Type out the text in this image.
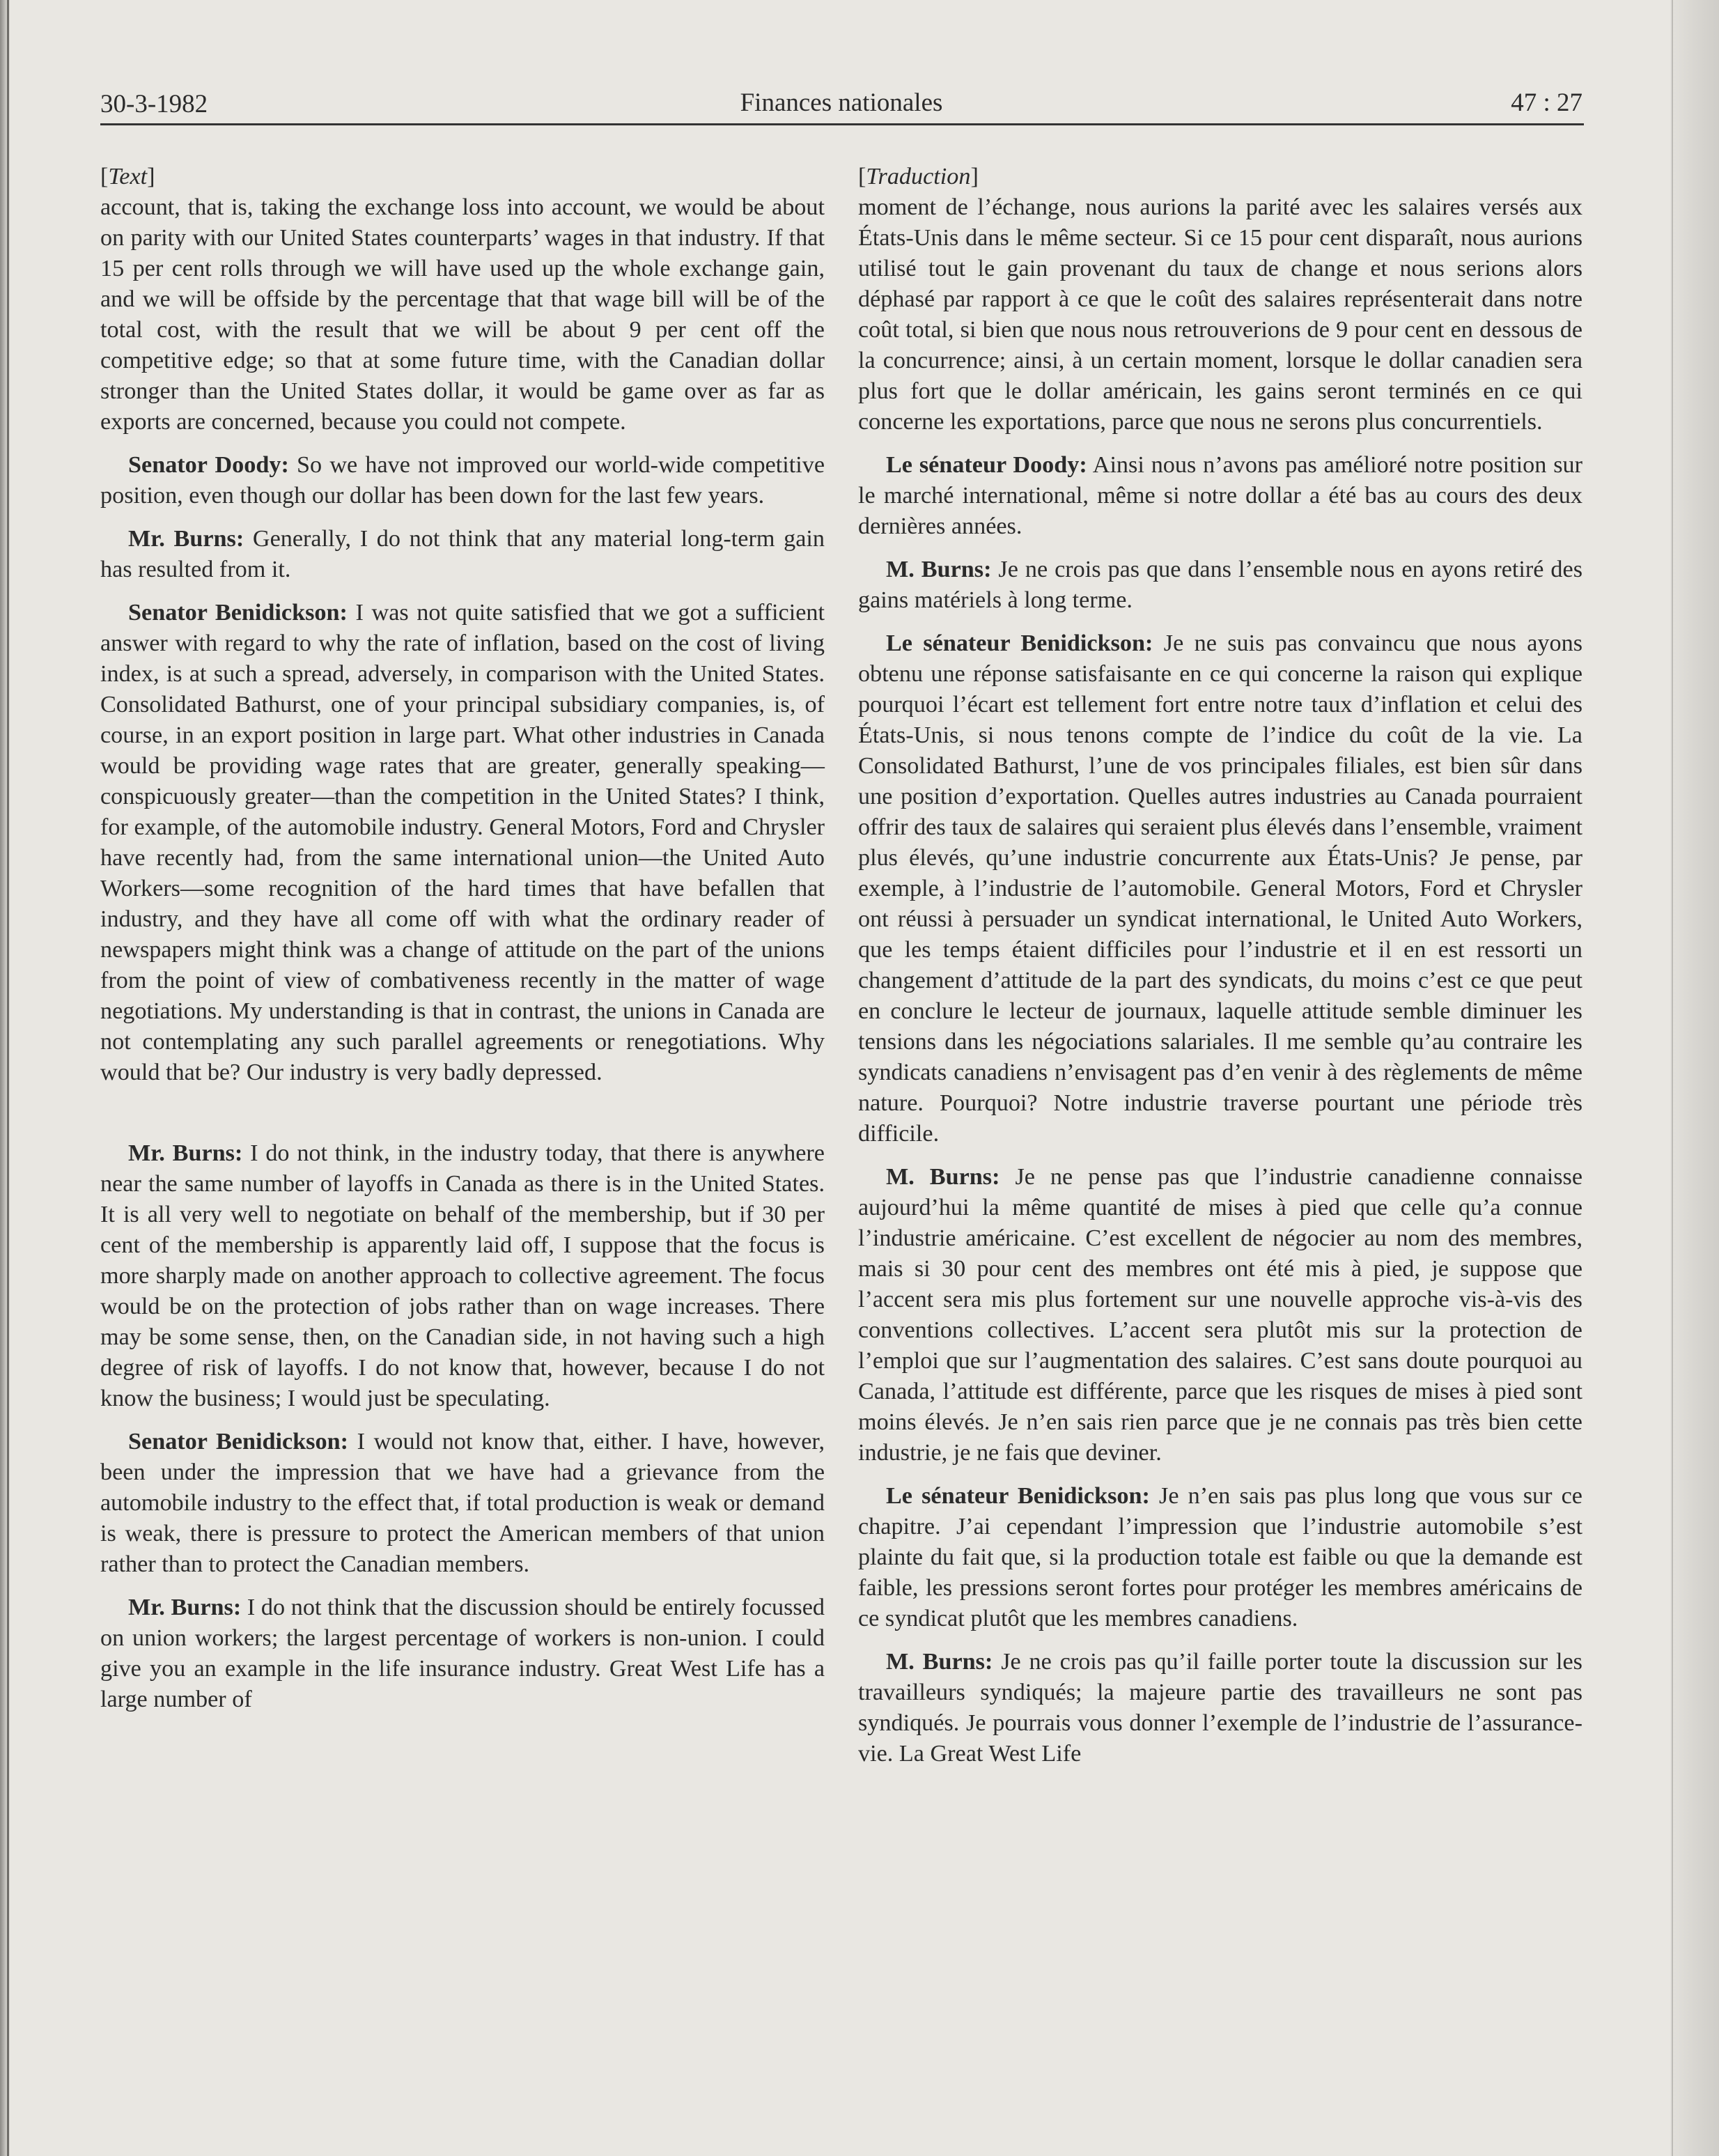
30-3-1982	Finances nationales	47 : 27
[Text]

account, that is, taking the exchange loss into account, we would be about on parity with our United States counterparts’ wages in that industry. If that 15 per cent rolls through we will have used up the whole exchange gain, and we will be offside by the percentage that that wage bill will be of the total cost, with the result that we will be about 9 per cent off the competitive edge; so that at some future time, with the Canadian dollar stronger than the United States dollar, it would be game over as far as exports are concerned, because you could not compete.

Senator Doody: So we have not improved our world-wide competitive position, even though our dollar has been down for the last few years.

Mr. Burns: Generally, I do not think that any material long-term gain has resulted from it.

Senator Benidickson: I was not quite satisfied that we got a sufficient answer with regard to why the rate of inflation, based on the cost of living index, is at such a spread, adversely, in comparison with the United States. Consolidated Bathurst, one of your principal subsidiary companies, is, of course, in an export position in large part. What other industries in Canada would be providing wage rates that are greater, generally speaking—conspicuously greater—than the competition in the United States? I think, for example, of the automobile industry. General Motors, Ford and Chrysler have recently had, from the same international union—the United Auto Workers—some recognition of the hard times that have befallen that industry, and they have all come off with what the ordinary reader of newspapers might think was a change of attitude on the part of the unions from the point of view of combativeness recently in the matter of wage negotiations. My understanding is that in contrast, the unions in Canada are not contemplating any such parallel agreements or renegotiations. Why would that be? Our industry is very badly depressed.

Mr. Burns: I do not think, in the industry today, that there is anywhere near the same number of layoffs in Canada as there is in the United States. It is all very well to negotiate on behalf of the membership, but if 30 per cent of the membership is apparently laid off, I suppose that the focus is more sharply made on another approach to collective agreement. The focus would be on the protection of jobs rather than on wage increases. There may be some sense, then, on the Canadian side, in not having such a high degree of risk of layoffs. I do not know that, however, because I do not know the business; I would just be speculating.

Senator Benidickson: I would not know that, either. I have, however, been under the impression that we have had a grievance from the automobile industry to the effect that, if total production is weak or demand is weak, there is pressure to protect the American members of that union rather than to protect the Canadian members.

Mr. Burns: I do not think that the discussion should be entirely focussed on union workers; the largest percentage of workers is non-union. I could give you an example in the life insurance industry. Great West Life has a large number of

[Traduction]

moment de l’échange, nous aurions la parité avec les salaires versés aux États-Unis dans le même secteur. Si ce 15 pour cent disparaît, nous aurions utilisé tout le gain provenant du taux de change et nous serions alors déphasé par rapport à ce que le coût des salaires représenterait dans notre coût total, si bien que nous nous retrouverions de 9 pour cent en dessous de la concurrence; ainsi, à un certain moment, lorsque le dollar canadien sera plus fort que le dollar américain, les gains seront terminés en ce qui concerne les exportations, parce que nous ne serons plus concurrentiels.

Le sénateur Doody: Ainsi nous n’avons pas amélioré notre position sur le marché international, même si notre dollar a été bas au cours des deux dernières années.

M. Burns: Je ne crois pas que dans l’ensemble nous en ayons retiré des gains matériels à long terme.

Le sénateur Benidickson: Je ne suis pas convaincu que nous ayons obtenu une réponse satisfaisante en ce qui concerne la raison qui explique pourquoi l’écart est tellement fort entre notre taux d’inflation et celui des États-Unis, si nous tenons compte de l’indice du coût de la vie. La Consolidated Bathurst, l’une de vos principales filiales, est bien sûr dans une position d’exportation. Quelles autres industries au Canada pourraient offrir des taux de salaires qui seraient plus élevés dans l’ensemble, vraiment plus élevés, qu’une industrie concurrente aux États-Unis? Je pense, par exemple, à l’industrie de l’automobile. General Motors, Ford et Chrysler ont réussi à persuader un syndicat international, le United Auto Workers, que les temps étaient difficiles pour l’industrie et il en est ressorti un changement d’attitude de la part des syndicats, du moins c’est ce que peut en conclure le lecteur de journaux, laquelle attitude semble diminuer les tensions dans les négociations salariales. Il me semble qu’au contraire les syndicats canadiens n’envisagent pas d’en venir à des règlements de même nature. Pourquoi? Notre industrie traverse pourtant une période très difficile.

M. Burns: Je ne pense pas que l’industrie canadienne connaisse aujourd’hui la même quantité de mises à pied que celle qu’a connue l’industrie américaine. C’est excellent de négocier au nom des membres, mais si 30 pour cent des membres ont été mis à pied, je suppose que l’accent sera mis plus fortement sur une nouvelle approche vis-à-vis des conventions collectives. L’accent sera plutôt mis sur la protection de l’emploi que sur l’augmentation des salaires. C’est sans doute pourquoi au Canada, l’attitude est différente, parce que les risques de mises à pied sont moins élevés. Je n’en sais rien parce que je ne connais pas très bien cette industrie, je ne fais que deviner.

Le sénateur Benidickson: Je n’en sais pas plus long que vous sur ce chapitre. J’ai cependant l’impression que l’industrie automobile s’est plainte du fait que, si la production totale est faible ou que la demande est faible, les pressions seront fortes pour protéger les membres américains de ce syndicat plutôt que les membres canadiens.

M. Burns: Je ne crois pas qu’il faille porter toute la discussion sur les travailleurs syndiqués; la majeure partie des travailleurs ne sont pas syndiqués. Je pourrais vous donner l’exemple de l’industrie de l’assurance-vie. La Great West Life
